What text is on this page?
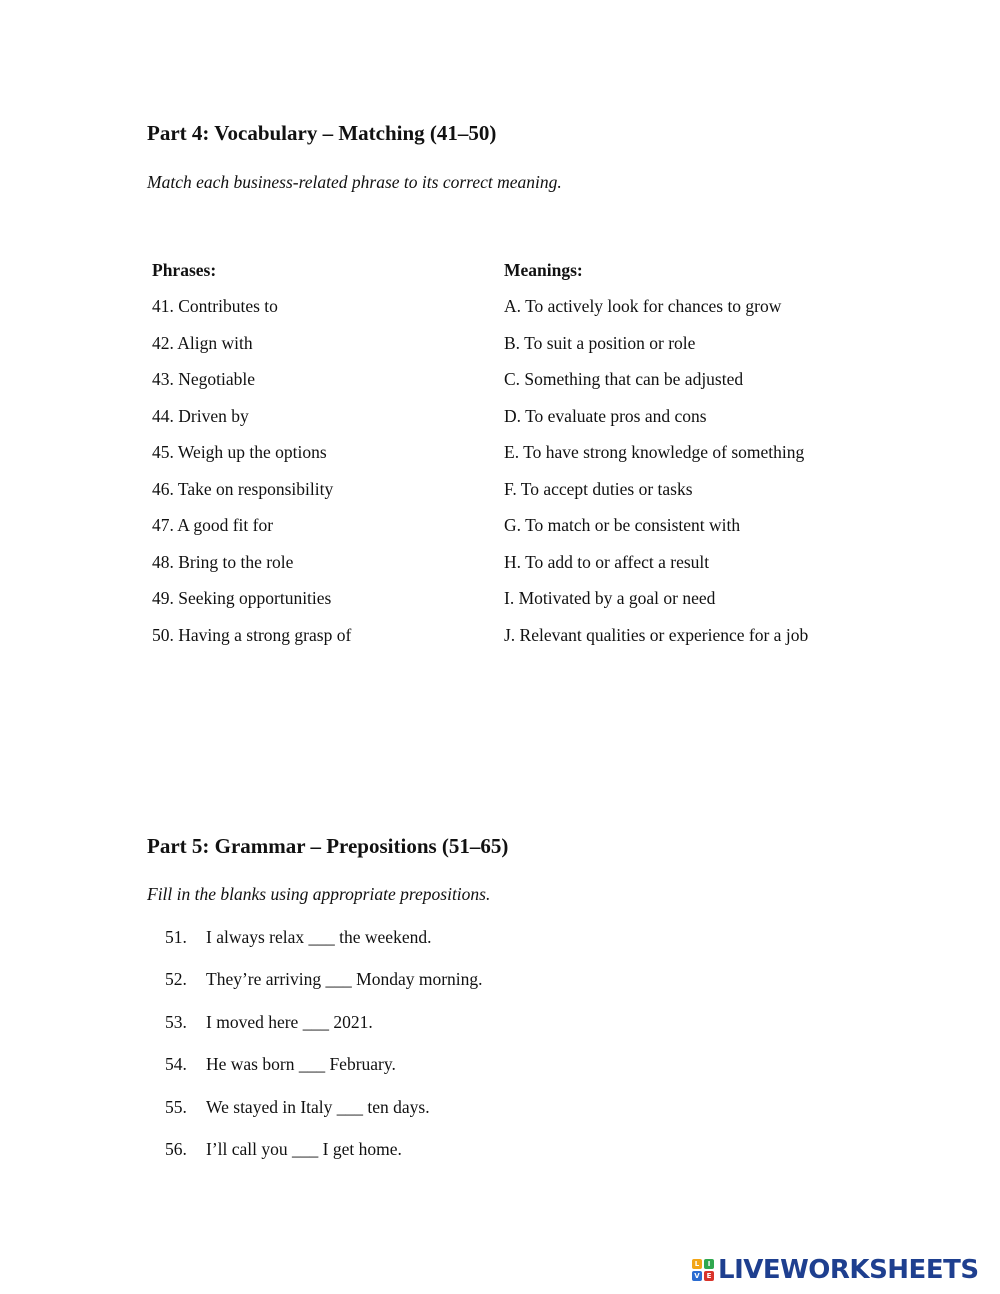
Part 4: Vocabulary – Matching (41–50)
Match each business-related phrase to its correct meaning.
Phrases:	Meanings:
41. Contributes to
42. Align with
43. Negotiable
44. Driven by
45. Weigh up the options
46. Take on responsibility
47. A good fit for
48. Bring to the role
49. Seeking opportunities
50. Having a strong grasp of
A. To actively look for chances to grow
B. To suit a position or role
C. Something that can be adjusted
D. To evaluate pros and cons
E. To have strong knowledge of something
F. To accept duties or tasks
G. To match or be consistent with
H. To add to or affect a result
I. Motivated by a goal or need
J. Relevant qualities or experience for a job
Part 5: Grammar – Prepositions (51–65)
Fill in the blanks using appropriate prepositions.
51. I always relax ___ the weekend.
52. They’re arriving ___ Monday morning.
53. I moved here ___ 2021.
54. He was born ___ February.
55. We stayed in Italy ___ ten days.
56. I’ll call you ___ I get home.
L	I
V E LIVEWORKSHEETS
